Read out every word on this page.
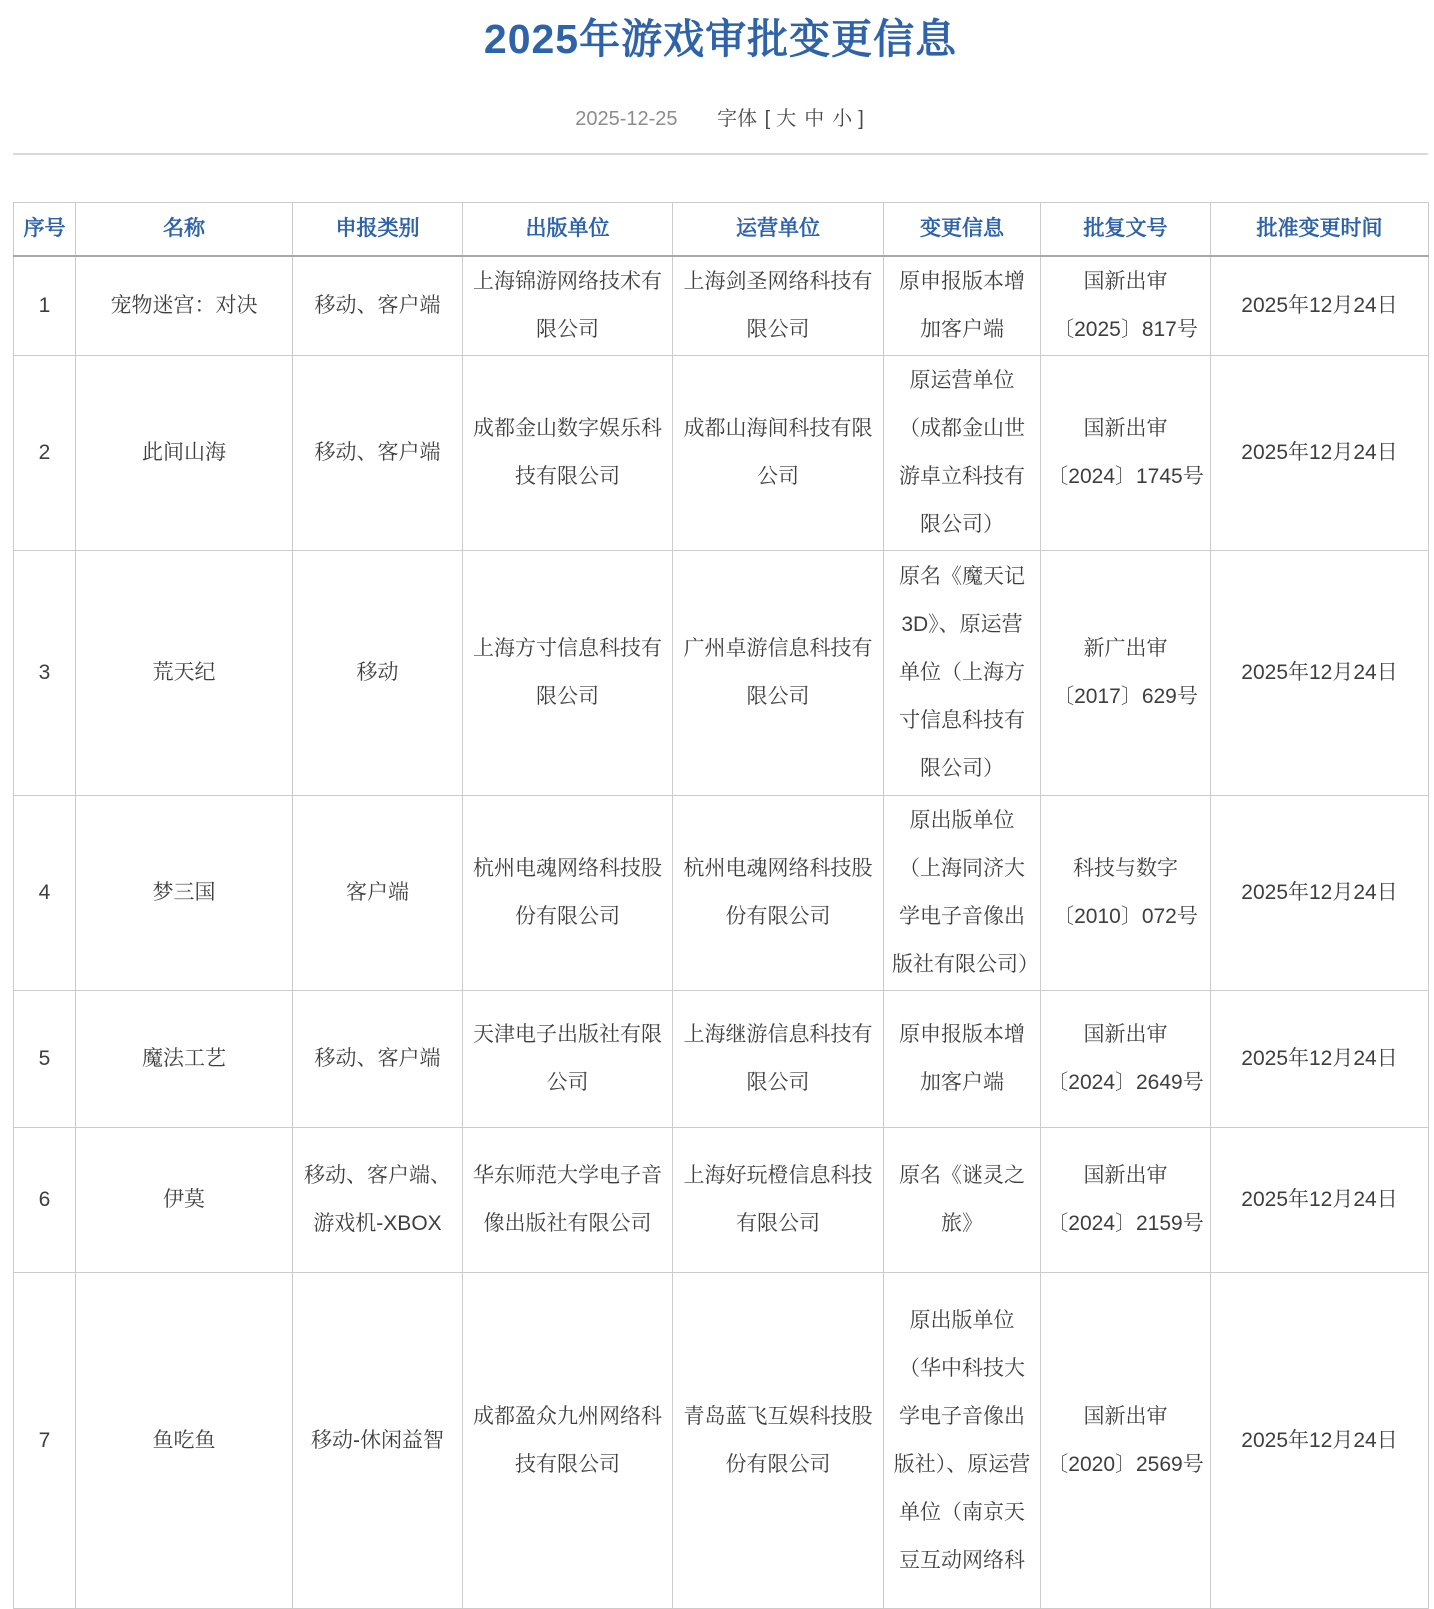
2025年游戏审批变更信息
2025-12-25 字体 [ 大 中 小 ]
序号	名称	申报类别	出版单位	运营单位	变更信息	批复文号	批准变更时间
1	宠物迷宫：对决	移动、客户端	上海锦游网络技术有限公司	上海剑圣网络科技有限公司	原申报版本增加客户端	国新出审〔2025〕817号	2025年12月24日
2	此间山海	移动、客户端	成都金山数字娱乐科技有限公司	成都山海间科技有限公司	原运营单位（成都金山世游卓立科技有限公司）	国新出审〔2024〕1745号	2025年12月24日
3	荒天纪	移动	上海方寸信息科技有限公司	广州卓游信息科技有限公司	原名《魔天记3D》、原运营单位（上海方寸信息科技有限公司）	新广出审〔2017〕629号	2025年12月24日
4	梦三国	客户端	杭州电魂网络科技股份有限公司	杭州电魂网络科技股份有限公司	原出版单位（上海同济大学电子音像出版社有限公司）	科技与数字〔2010〕072号	2025年12月24日
5	魔法工艺	移动、客户端	天津电子出版社有限公司	上海继游信息科技有限公司	原申报版本增加客户端	国新出审〔2024〕2649号	2025年12月24日
6	伊莫	移动、客户端、游戏机-XBOX	华东师范大学电子音像出版社有限公司	上海好玩橙信息科技有限公司	原名《谜灵之旅》	国新出审〔2024〕2159号	2025年12月24日
7	鱼吃鱼	移动-休闲益智	成都盈众九州网络科技有限公司	青岛蓝飞互娱科技股份有限公司	原出版单位（华中科技大学电子音像出版社）、原运营单位（南京天豆互动网络科	国新出审〔2020〕2569号	2025年12月24日
